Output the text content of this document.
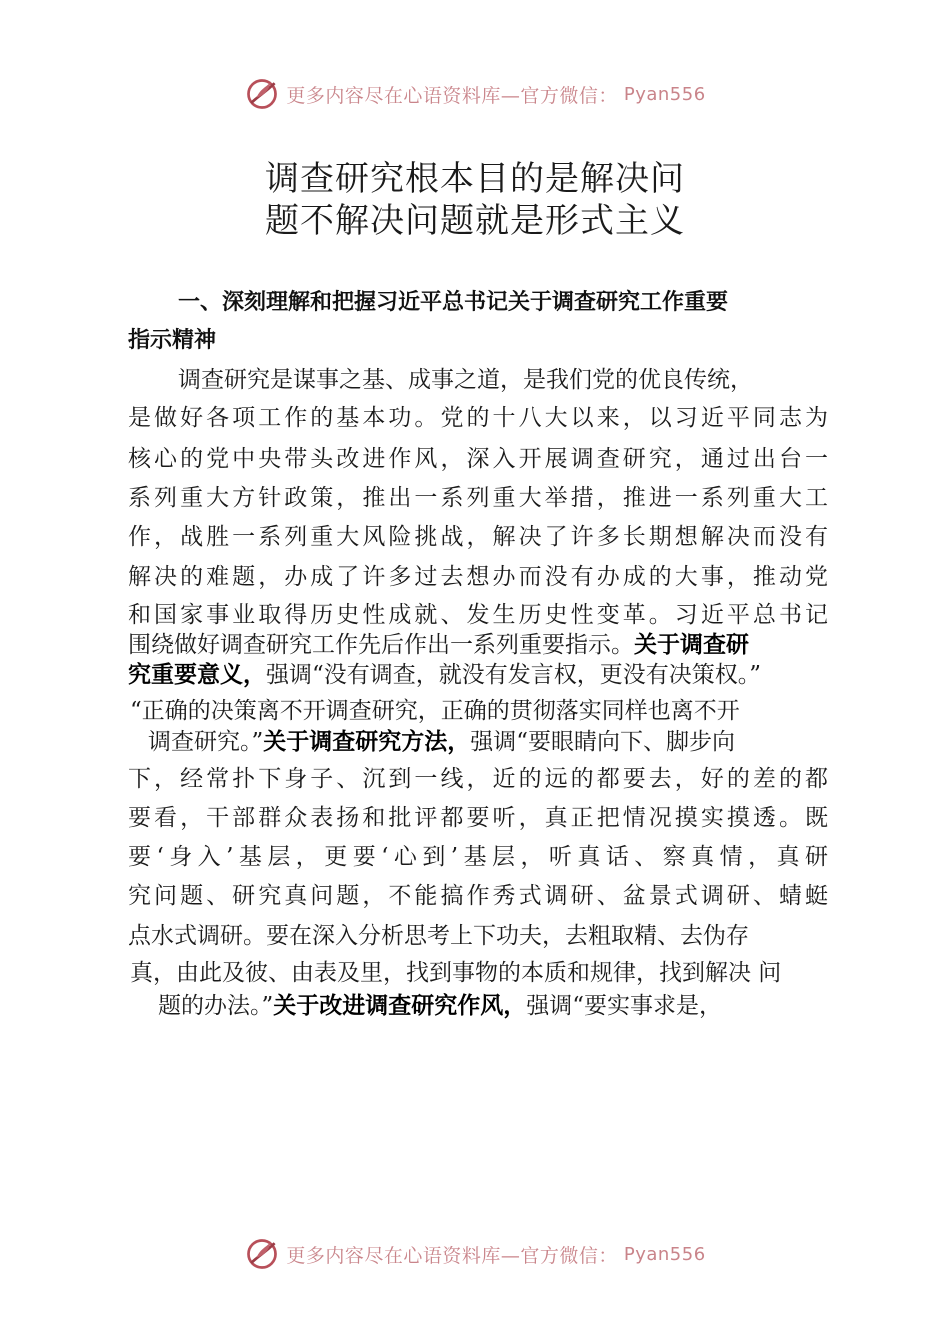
更多内容尽在心语资料库—官方微信： Pyan556
调查研究根本目的是解决问
题不解决问题就是形式主义
一、深刻理解和把握习近平总书记关于调查研究工作重要
指示精神
调查研究是谋事之基、成事之道，是我们党的优良传统，
是做好各项工作的基本功。党的十八大以来，以习近平同志为
核心的党中央带头改进作风，深入开展调查研究，通过出台一
系列重大方针政策，推出一系列重大举措，推进一系列重大工
作，战胜一系列重大风险挑战，解决了许多长期想解决而没有
解决的难题，办成了许多过去想办而没有办成的大事，推动党
和国家事业取得历史性成就、发生历史性变革。习近平总书记
围绕做好调查研究工作先后作出一系列重要指示。关于调查研
究重要意义，强调“没有调查，就没有发言权，更没有决策权。”
“正确的决策离不开调查研究，正确的贯彻落实同样也离不开
调查研究。”关于调查研究方法，强调“要眼睛向下、脚步向
下，经常扑下身子、沉到一线，近的远的都要去，好的差的都
要看，干部群众表扬和批评都要听，真正把情况摸实摸透。既
要‘身入’基层，更要‘心到’基层，听真话、察真情，真研
究问题、研究真问题，不能搞作秀式调研、盆景式调研、蜻蜓
点水式调研。要在深入分析思考上下功夫，去粗取精、去伪存
真，由此及彼、由表及里，找到事物的本质和规律，找到解决 问
题的办法。”关于改进调查研究作风，强调“要实事求是，
更多内容尽在心语资料库—官方微信： Pyan556
